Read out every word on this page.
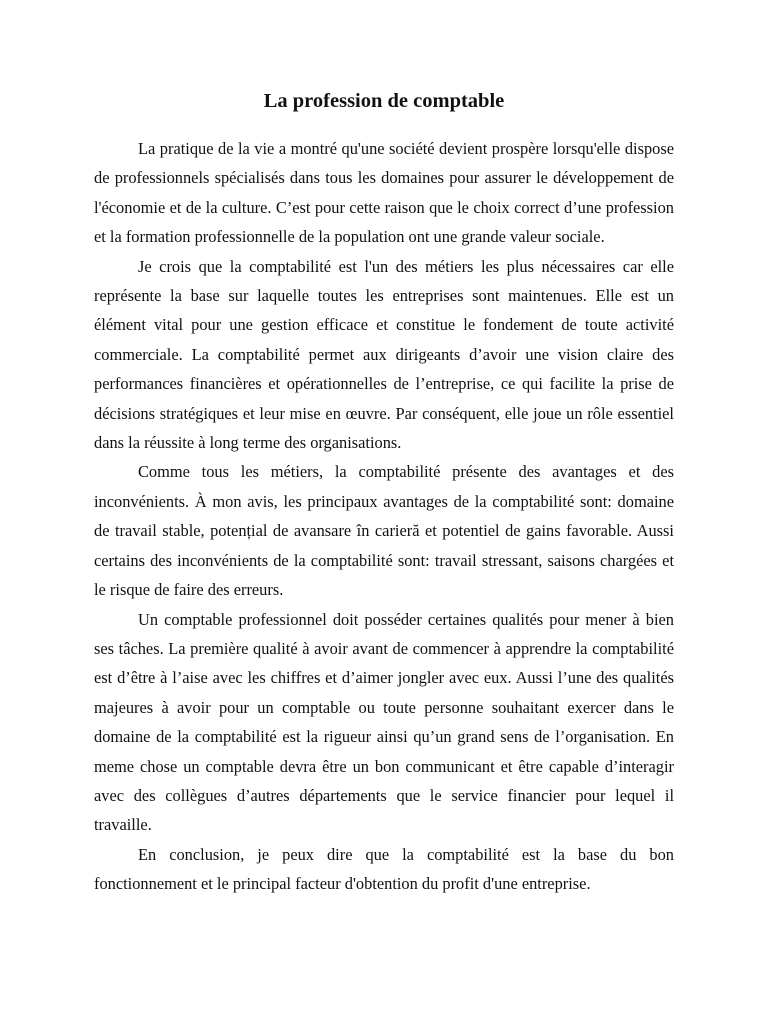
La profession de comptable

La pratique de la vie a montré qu'une société devient prospère lorsqu'elle dispose de professionnels spécialisés dans tous les domaines pour assurer le développement de l'économie et de la culture. C’est pour cette raison que le choix correct d’une profession et la formation professionnelle de la population ont une grande valeur sociale.

Je crois que la comptabilité est l'un des métiers les plus nécessaires car elle représente la base sur laquelle toutes les entreprises sont maintenues. Elle est un élément vital pour une gestion efficace et constitue le fondement de toute activité commerciale. La comptabilité permet aux dirigeants d’avoir une vision claire des performances financières et opérationnelles de l’entreprise, ce qui facilite la prise de décisions stratégiques et leur mise en œuvre. Par conséquent, elle joue un rôle essentiel dans la réussite à long terme des organisations.

Comme tous les métiers, la comptabilité présente des avantages et des inconvénients. À mon avis, les principaux avantages de la comptabilité sont: domaine de travail stable, potențial de avansare în carieră et potentiel de gains favorable. Aussi certains des inconvénients de la comptabilité sont: travail stressant, saisons chargées et le risque de faire des erreurs.

Un comptable professionnel doit posséder certaines qualités pour mener à bien ses tâches. La première qualité à avoir avant de commencer à apprendre la comptabilité est d’être à l’aise avec les chiffres et d’aimer jongler avec eux. Aussi l’une des qualités majeures à avoir pour un comptable ou toute personne souhaitant exercer dans le domaine de la comptabilité est la rigueur ainsi qu’un grand sens de l’organisation. En meme chose un comptable devra être un bon communicant et être capable d’interagir avec des collègues d’autres départements que le service financier pour lequel il travaille.

En conclusion, je peux dire que la comptabilité est la base du bon fonctionnement et le principal facteur d'obtention du profit d'une entreprise.
